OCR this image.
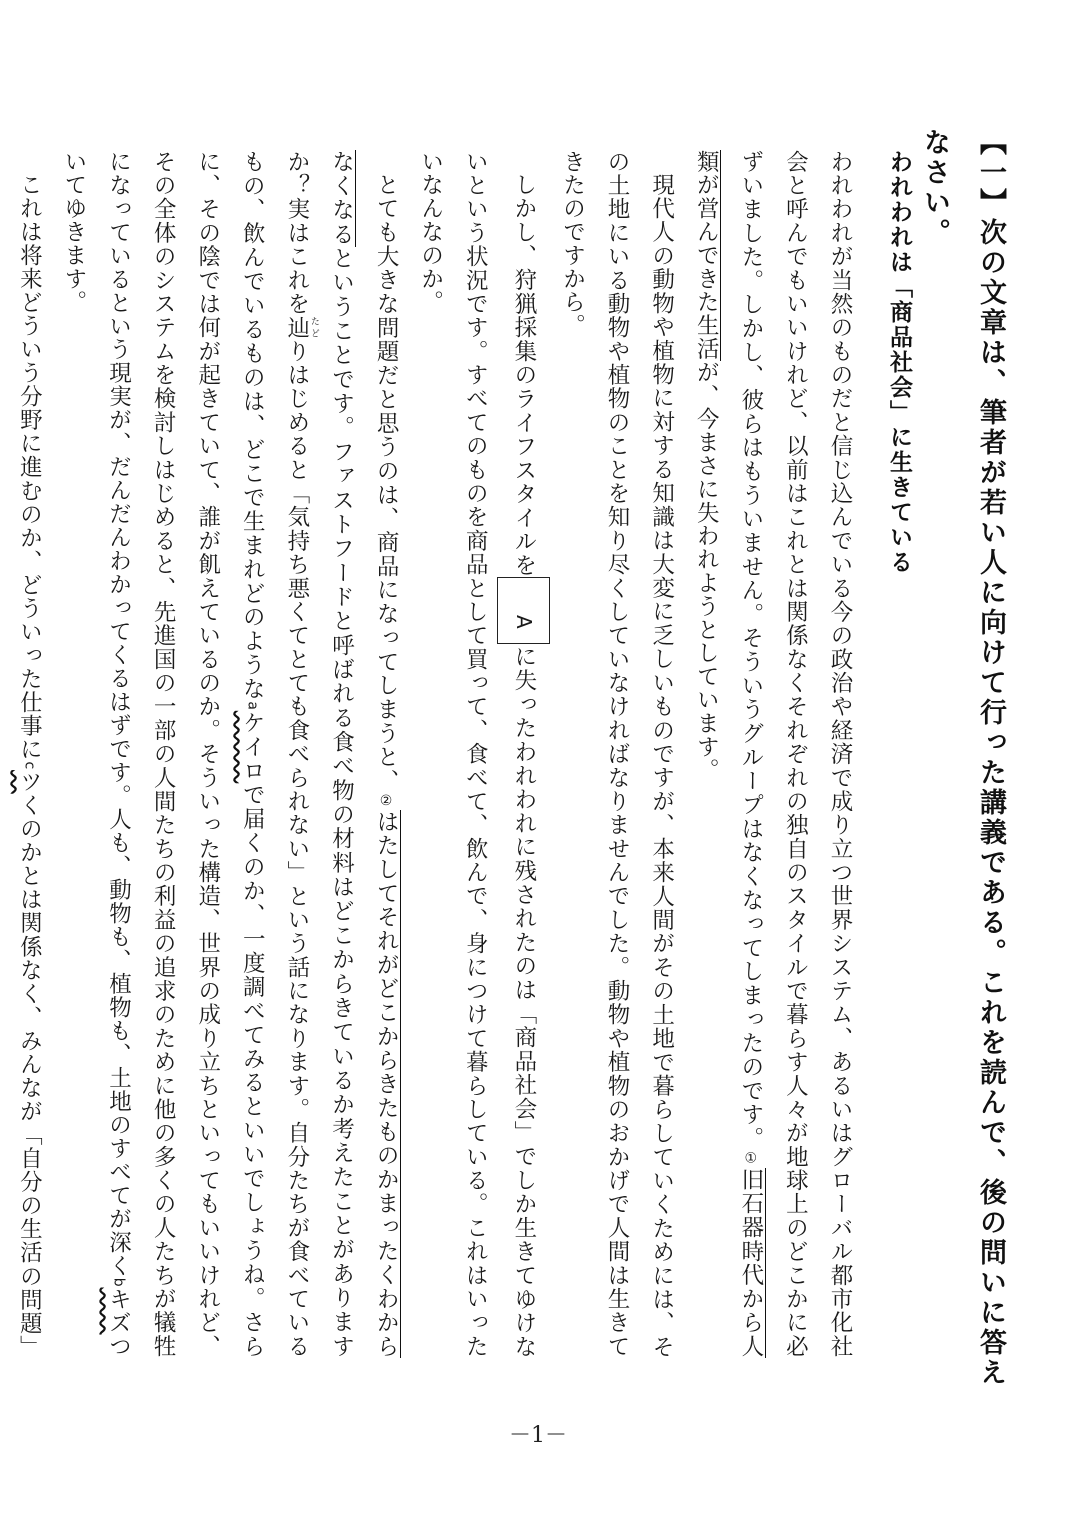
【一】次の文章は、筆者が若い人に向けて行った講義である。これを読んで、後の問いに答えなさい。
われわれは「商品社会」に生きている

われわれが当然のものだと信じ込んでいる今の政治や経済で成り立つ世界システム、あるいはグローバル都市化社会と呼んでもいいけれど、以前はこれとは関係なくそれぞれの独自のスタイルで暮らす人々が地球上のどこかに必ずいました。しかし、彼らはもういません。そういうグループはなくなってしまったのです。①旧石器時代から人類が営んできた生活が、今まさに失われようとしています。

現代人の動物や植物に対する知識は大変に乏しいものですが、本来人間がその土地で暮らしていくためには、その土地にいる動物や植物のことを知り尽くしていなければなりませんでした。動物や植物のおかげで人間は生きてきたのですから。

しかし、狩猟採集のライフスタイルをAに失ったわれわれに残されたのは「商品社会」でしか生きてゆけないという状況です。すべてのものを商品として買って、食べて、飲んで、身につけて暮らしている。これはいったいなんなのか。

とても大きな問題だと思うのは、商品になってしまうと、②はたしてそれがどこからきたものかまったくわからなくなるということです。ファストフードと呼ばれる食べ物の材料はどこからきているか考えたことがありますか？実はこれを辿 たどりはじめると「気持ち悪くてとても食べられない」という話になります。自分たちが食べているもの、飲んでいるものは、どこで生まれどのようなaケイロで届くのか、一度調べてみるといいでしょうね。さらに、その陰では何が起きていて、誰が飢えているのか。そういった構造、世界の成り立ちといってもいいけれど、その全体のシステムを検討しはじめると、先進国の一部の人間たちの利益の追求のために他の多くの人たちが犠牲になっているという現実が、だんだんわかってくるはずです。人も、動物も、植物も、土地のすべてが深くbキズついてゆきます。

これは将来どういう分野に進むのか、どういった仕事にcツくのかとは関係なく、みんなが「自分の生活の問題」

－1－
